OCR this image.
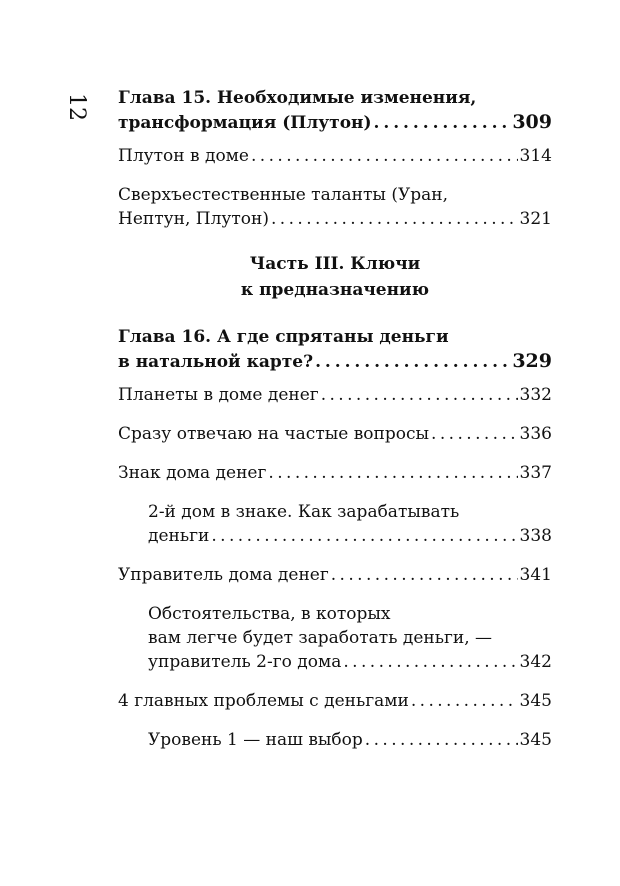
12 Глава 15. Необходимые изменения,
трансформация (Плутон) . . .	309
Плутон в доме . . .	314
Сверхъестественные таланты (Уран,
Нептун, Плутон) . . .	321
Часть III. Ключи
к предназначению
Глава 16. А где спрятаны деньги
в натальной карте? . . .	329
Планеты в доме денег . . .	332
Сразу отвечаю на частые вопросы . . .	336
Знак дома денег . . .	337
2-й дом в знаке. Как зарабатывать
деньги . . .	338
Управитель дома денег . . .	341
Обстоятельства, в которых
вам легче будет заработать деньги, —
управитель 2-го дома . . .	342
4 главных проблемы с деньгами . . .	345
Уровень 1 — наш выбор . . .	345
